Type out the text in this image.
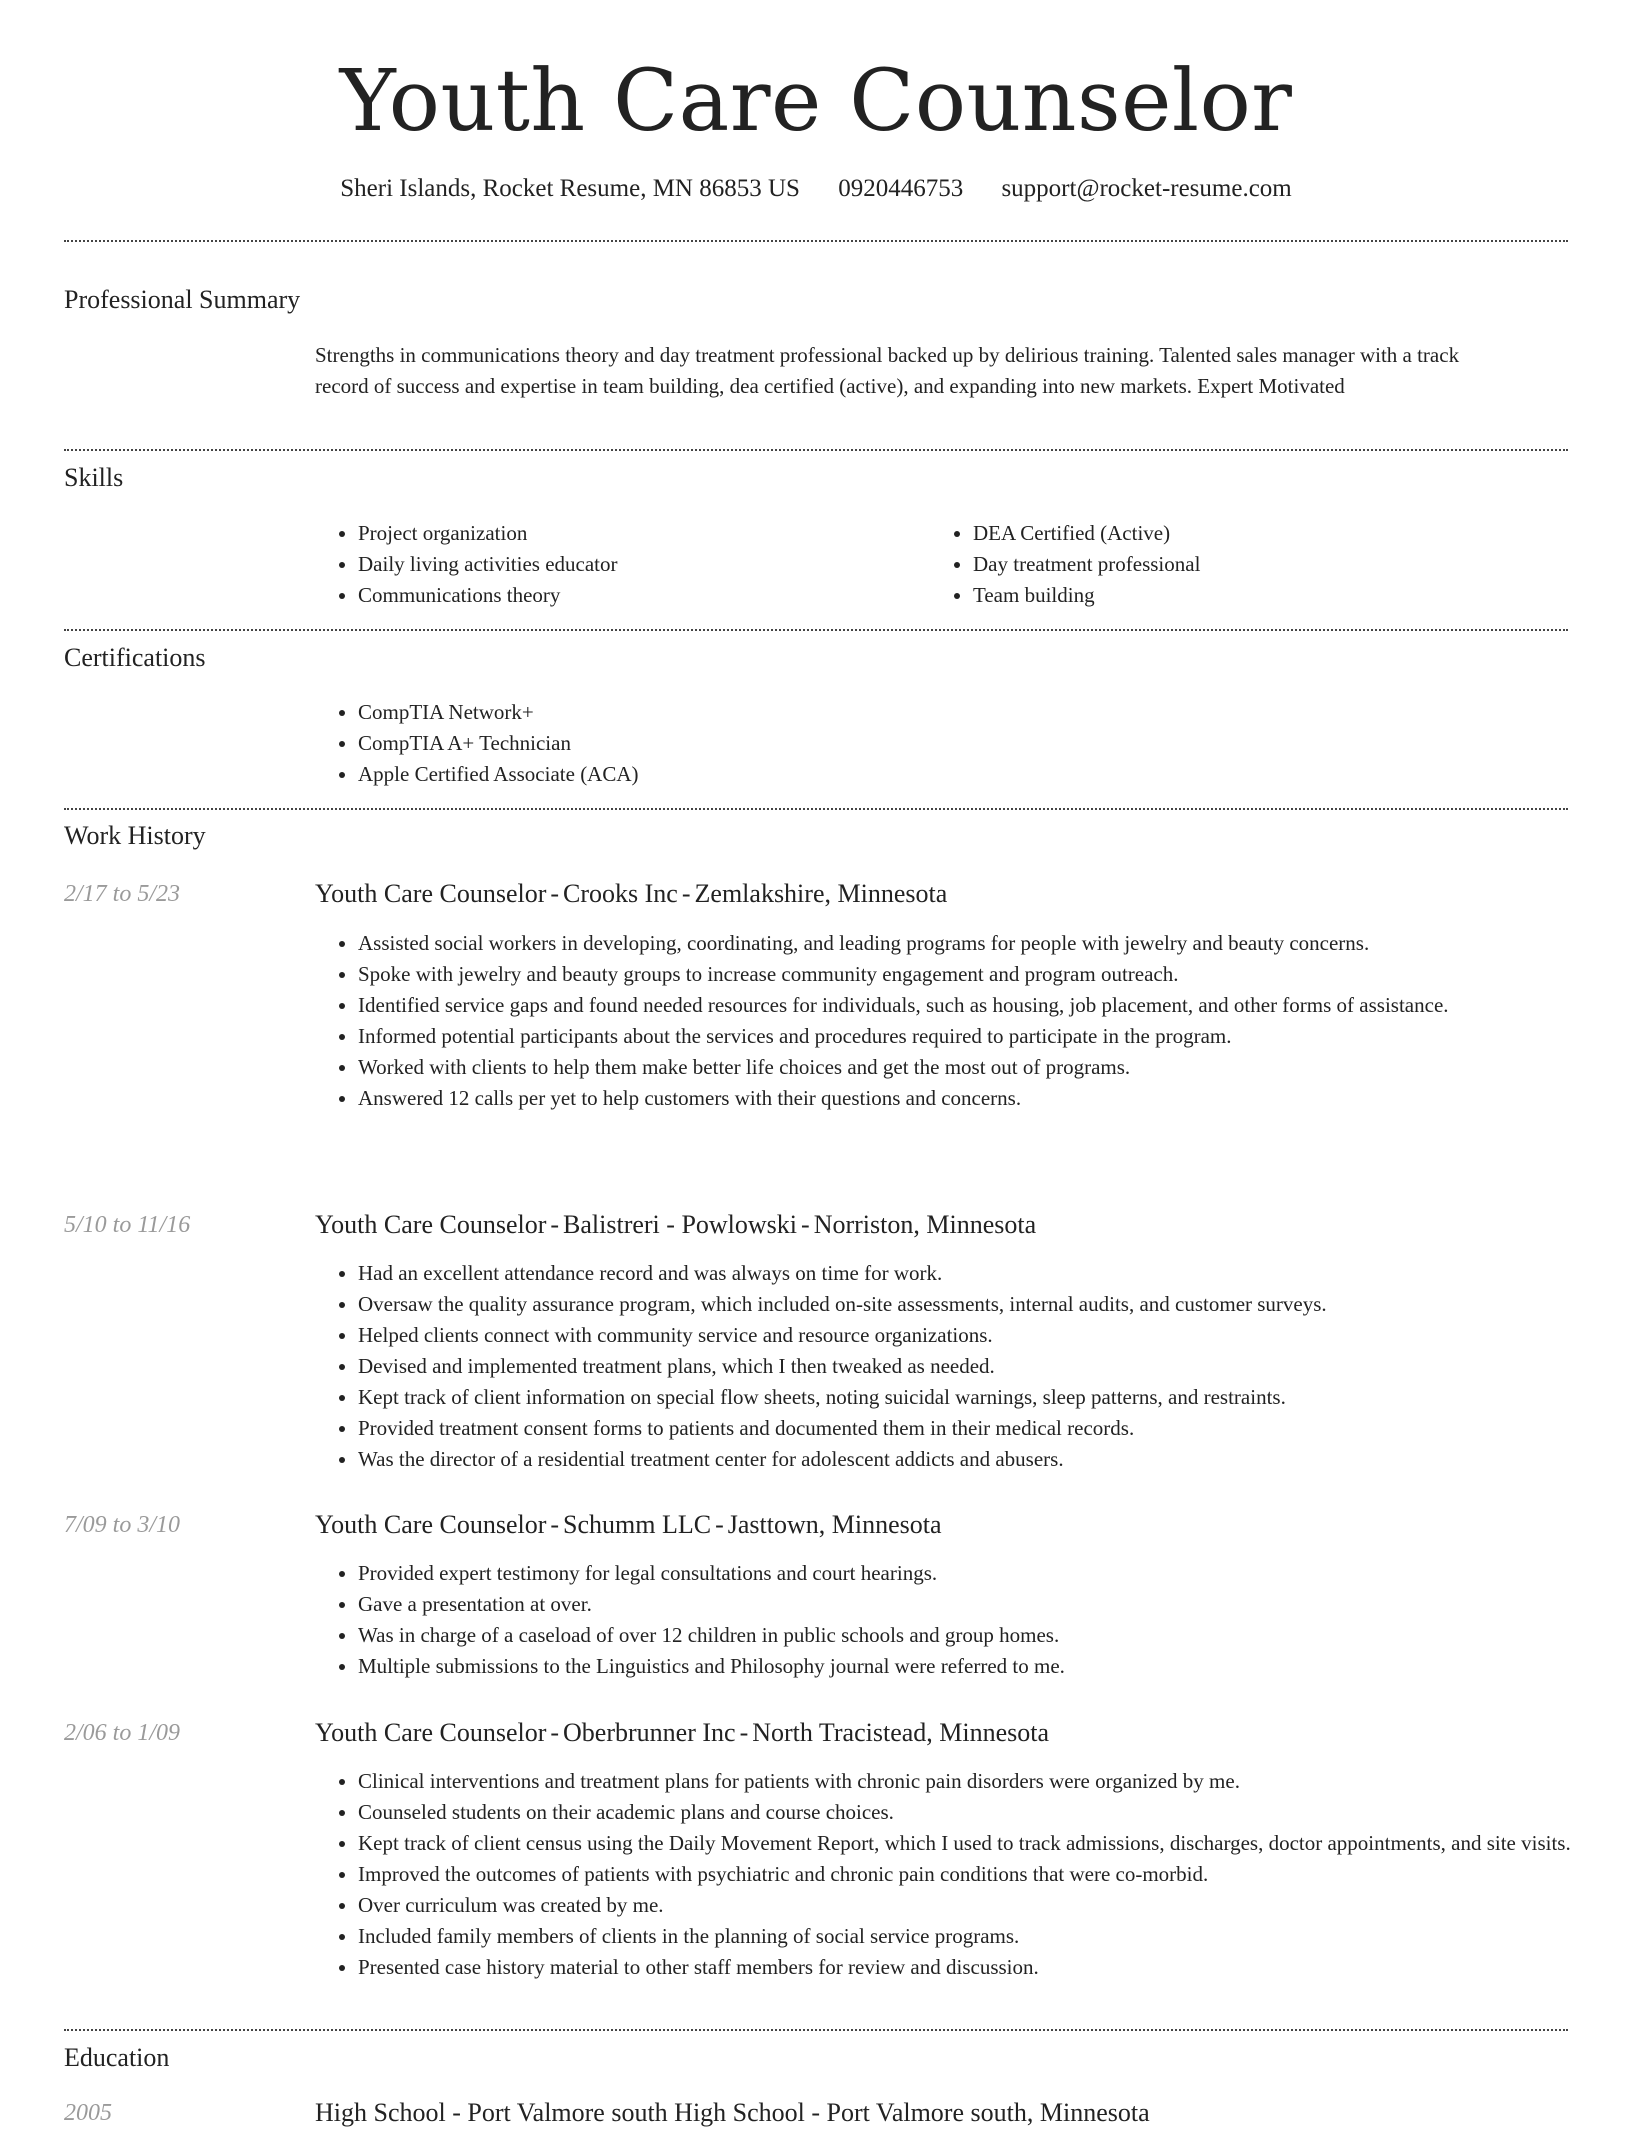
Youth Care Counselor
Sheri Islands, Rocket Resume, MN 86853 US 0920446753 support@rocket-resume.com
Professional Summary
Strengths in communications theory and day treatment professional backed up by delirious training. Talented sales manager with a track record of success and expertise in team building, dea certified (active), and expanding into new markets. Expert Motivated
Skills
• Project organization
• Daily living activities educator
• Communications theory
• DEA Certified (Active)
• Day treatment professional
• Team building
Certifications
• CompTIA Network+
• CompTIA A+ Technician
• Apple Certified Associate (ACA)
Work History
2/17 to 5/23	Youth Care Counselor - Crooks Inc - Zemlakshire, Minnesota
• Assisted social workers in developing, coordinating, and leading programs for people with jewelry and beauty concerns.
• Spoke with jewelry and beauty groups to increase community engagement and program outreach.
• Identified service gaps and found needed resources for individuals, such as housing, job placement, and other forms of assistance.
• Informed potential participants about the services and procedures required to participate in the program.
• Worked with clients to help them make better life choices and get the most out of programs.
• Answered 12 calls per yet to help customers with their questions and concerns.
5/10 to 11/16	Youth Care Counselor - Balistreri - Powlowski - Norriston, Minnesota
• Had an excellent attendance record and was always on time for work.
• Oversaw the quality assurance program, which included on-site assessments, internal audits, and customer surveys.
• Helped clients connect with community service and resource organizations.
• Devised and implemented treatment plans, which I then tweaked as needed.
• Kept track of client information on special flow sheets, noting suicidal warnings, sleep patterns, and restraints.
• Provided treatment consent forms to patients and documented them in their medical records.
• Was the director of a residential treatment center for adolescent addicts and abusers.
7/09 to 3/10	Youth Care Counselor - Schumm LLC - Jasttown, Minnesota
• Provided expert testimony for legal consultations and court hearings.
• Gave a presentation at over.
• Was in charge of a caseload of over 12 children in public schools and group homes.
• Multiple submissions to the Linguistics and Philosophy journal were referred to me.
2/06 to 1/09	Youth Care Counselor - Oberbrunner Inc - North Tracistead, Minnesota
• Clinical interventions and treatment plans for patients with chronic pain disorders were organized by me.
• Counseled students on their academic plans and course choices.
• Kept track of client census using the Daily Movement Report, which I used to track admissions, discharges, doctor appointments, and site visits.
• Improved the outcomes of patients with psychiatric and chronic pain conditions that were co-morbid.
• Over curriculum was created by me.
• Included family members of clients in the planning of social service programs.
• Presented case history material to other staff members for review and discussion.
Education
2005	High School - Port Valmore south High School - Port Valmore south, Minnesota
